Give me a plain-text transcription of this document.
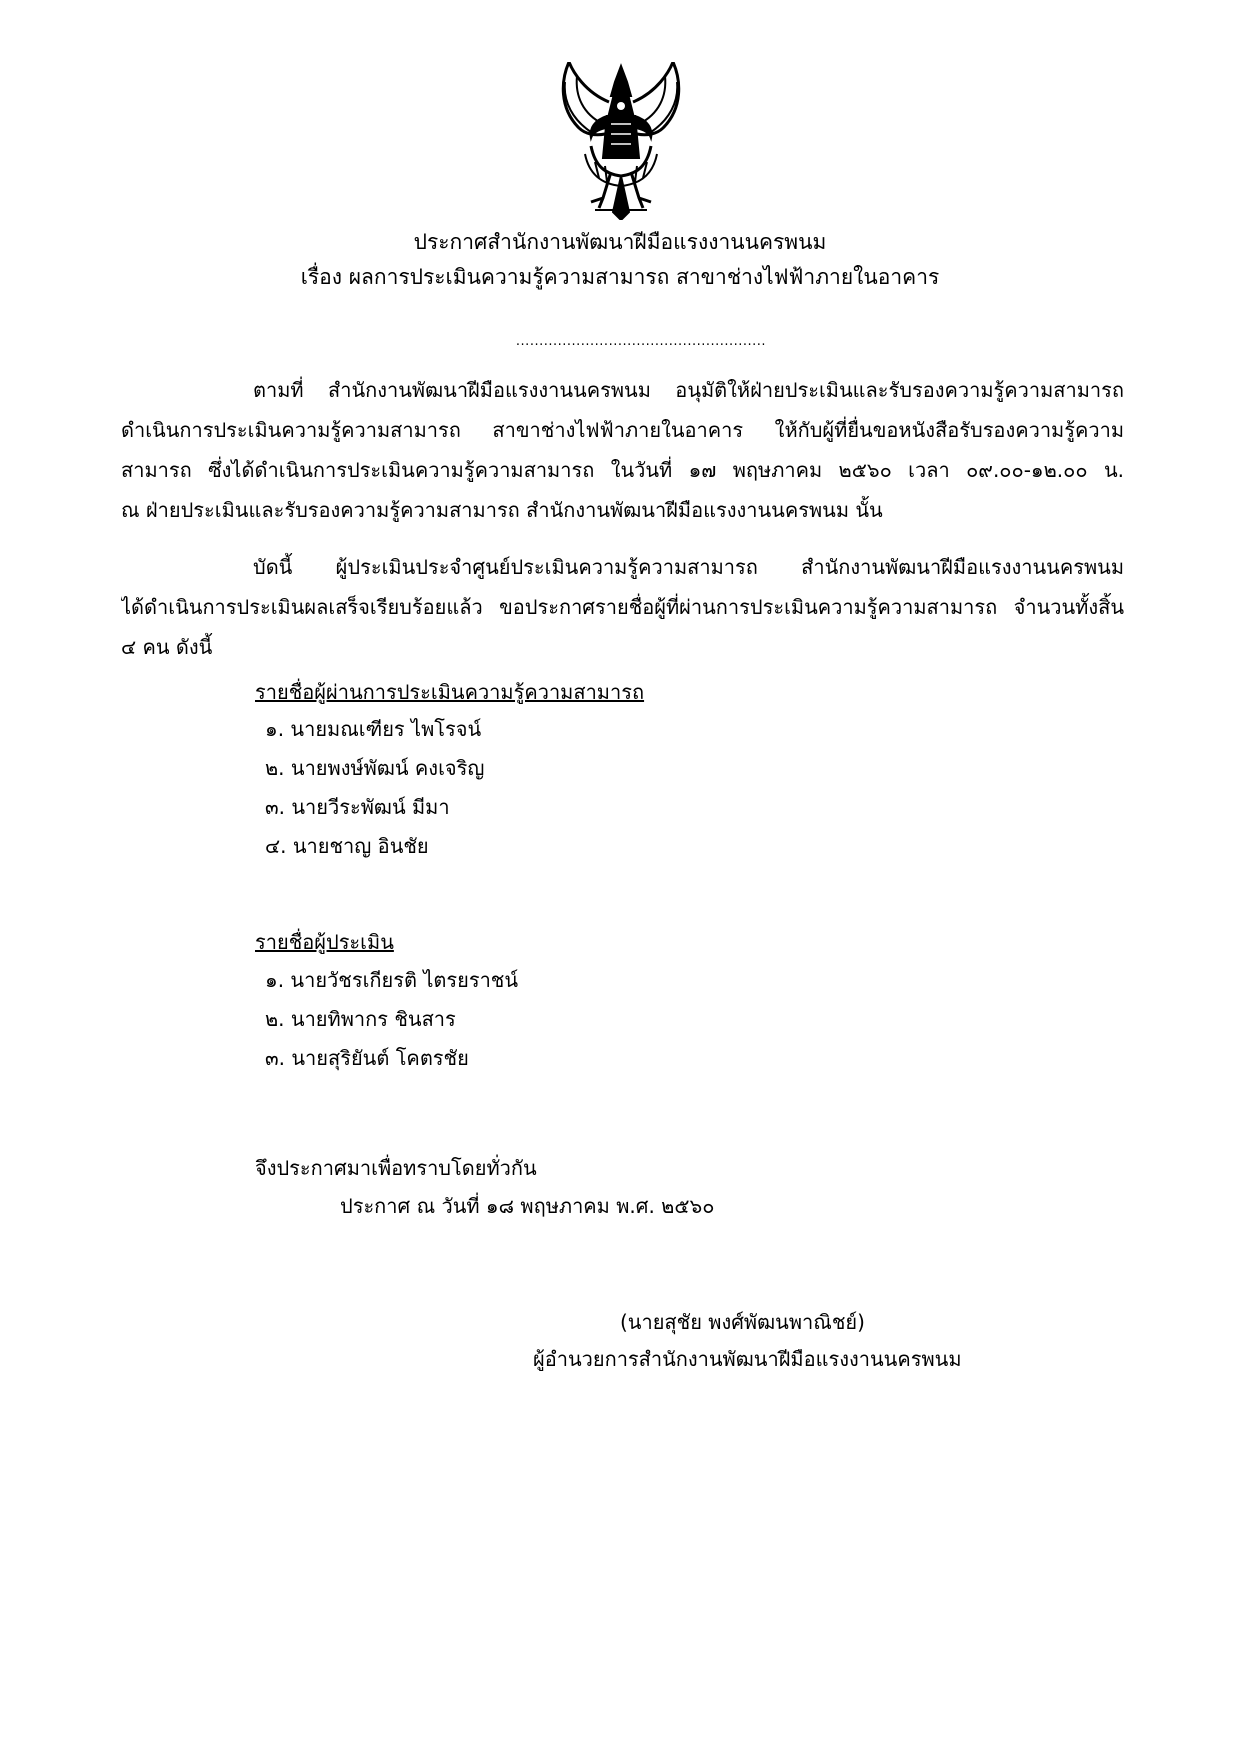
ประกาศสำนักงานพัฒนาฝีมือแรงงานนครพนม
เรื่อง ผลการประเมินความรู้ความสามารถ สาขาช่างไฟฟ้าภายในอาคาร
......................................................
ตามที่ สำนักงานพัฒนาฝีมือแรงงานนครพนม อนุมัติให้ฝ่ายประเมินและรับรองความรู้ความสามารถ
ดำเนินการประเมินความรู้ความสามารถ สาขาช่างไฟฟ้าภายในอาคาร ให้กับผู้ที่ยื่นขอหนังสือรับรองความรู้ความ
สามารถ ซึ่งได้ดำเนินการประเมินความรู้ความสามารถ ในวันที่ ๑๗ พฤษภาคม ๒๕๖๐ เวลา ๐๙.๐๐-๑๒.๐๐ น.
ณ ฝ่ายประเมินและรับรองความรู้ความสามารถ สำนักงานพัฒนาฝีมือแรงงานนครพนม นั้น
บัดนี้ ผู้ประเมินประจำศูนย์ประเมินความรู้ความสามารถ สำนักงานพัฒนาฝีมือแรงงานนครพนม
ได้ดำเนินการประเมินผลเสร็จเรียบร้อยแล้ว ขอประกาศรายชื่อผู้ที่ผ่านการประเมินความรู้ความสามารถ จำนวนทั้งสิ้น
๔ คน ดังนี้
รายชื่อผู้ผ่านการประเมินความรู้ความสามารถ
๑. นายมณเฑียร ไพโรจน์
๒. นายพงษ์พัฒน์ คงเจริญ
๓. นายวีระพัฒน์ มีมา
๔. นายชาญ อินชัย
รายชื่อผู้ประเมิน
๑. นายวัชรเกียรติ ไตรยราชน์
๒. นายทิพากร ชินสาร
๓. นายสุริยันต์ โคตรชัย
จึงประกาศมาเพื่อทราบโดยทั่วกัน
ประกาศ ณ วันที่ ๑๘ พฤษภาคม พ.ศ. ๒๕๖๐
(นายสุชัย พงศ์พัฒนพาณิชย์)
ผู้อำนวยการสำนักงานพัฒนาฝีมือแรงงานนครพนม
